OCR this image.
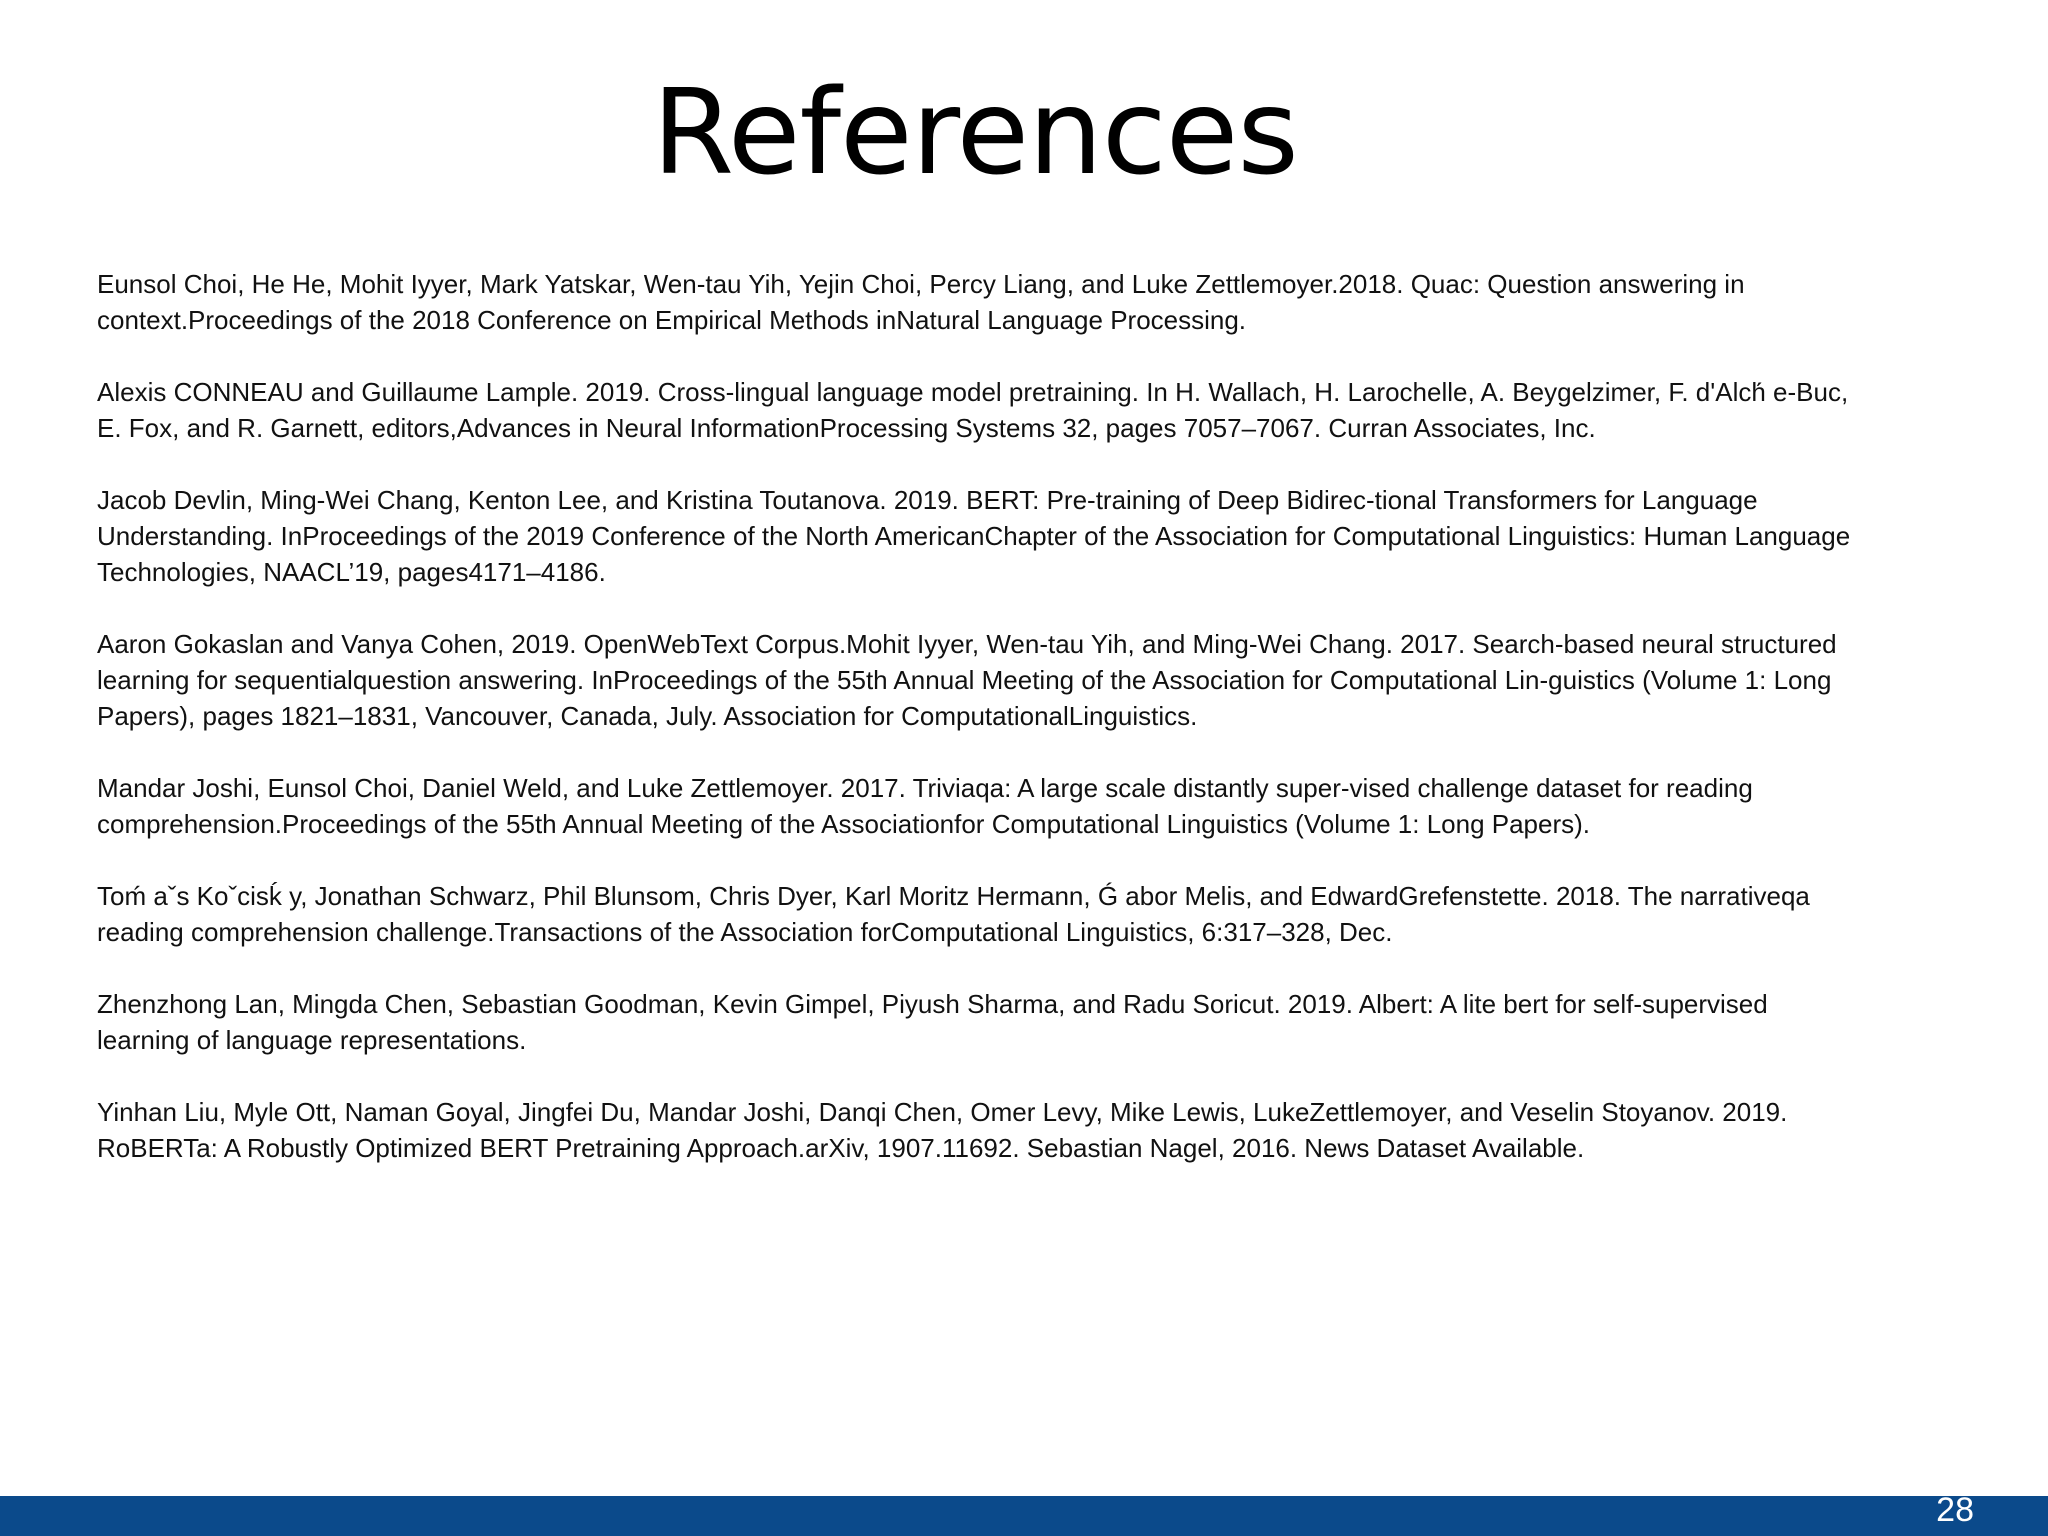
References
Eunsol Choi, He He, Mohit Iyyer, Mark Yatskar, Wen-tau Yih, Yejin Choi, Percy Liang, and Luke Zettlemoyer.2018. Quac: Question answering in
context.Proceedings of the 2018 Conference on Empirical Methods inNatural Language Processing.
Alexis CONNEAU and Guillaume Lample. 2019. Cross-lingual language model pretraining. In H. Wallach, H. Larochelle, A. Beygelzimer, F. d'Alch́ e-Buc,
E. Fox, and R. Garnett, editors,Advances in Neural InformationProcessing Systems 32, pages 7057–7067. Curran Associates, Inc.
Jacob Devlin, Ming-Wei Chang, Kenton Lee, and Kristina Toutanova. 2019. BERT: Pre-training of Deep Bidirec-tional Transformers for Language
Understanding. InProceedings of the 2019 Conference of the North AmericanChapter of the Association for Computational Linguistics: Human Language
Technologies, NAACL’19, pages4171–4186.
Aaron Gokaslan and Vanya Cohen, 2019. OpenWebText Corpus.Mohit Iyyer, Wen-tau Yih, and Ming-Wei Chang. 2017. Search-based neural structured
learning for sequentialquestion answering. InProceedings of the 55th Annual Meeting of the Association for Computational Lin-guistics (Volume 1: Long
Papers), pages 1821–1831, Vancouver, Canada, July. Association for ComputationalLinguistics.
Mandar Joshi, Eunsol Choi, Daniel Weld, and Luke Zettlemoyer. 2017. Triviaqa: A large scale distantly super-vised challenge dataset for reading
comprehension.Proceedings of the 55th Annual Meeting of the Associationfor Computational Linguistics (Volume 1: Long Papers).
Toḿ aˇs Koˇcisḱ y, Jonathan Schwarz, Phil Blunsom, Chris Dyer, Karl Moritz Hermann, Ǵ abor Melis, and EdwardGrefenstette. 2018. The narrativeqa
reading comprehension challenge.Transactions of the Association forComputational Linguistics, 6:317–328, Dec.
Zhenzhong Lan, Mingda Chen, Sebastian Goodman, Kevin Gimpel, Piyush Sharma, and Radu Soricut. 2019. Albert: A lite bert for self-supervised
learning of language representations.
Yinhan Liu, Myle Ott, Naman Goyal, Jingfei Du, Mandar Joshi, Danqi Chen, Omer Levy, Mike Lewis, LukeZettlemoyer, and Veselin Stoyanov. 2019.
RoBERTa: A Robustly Optimized BERT Pretraining Approach.arXiv, 1907.11692. Sebastian Nagel, 2016. News Dataset Available.
28
